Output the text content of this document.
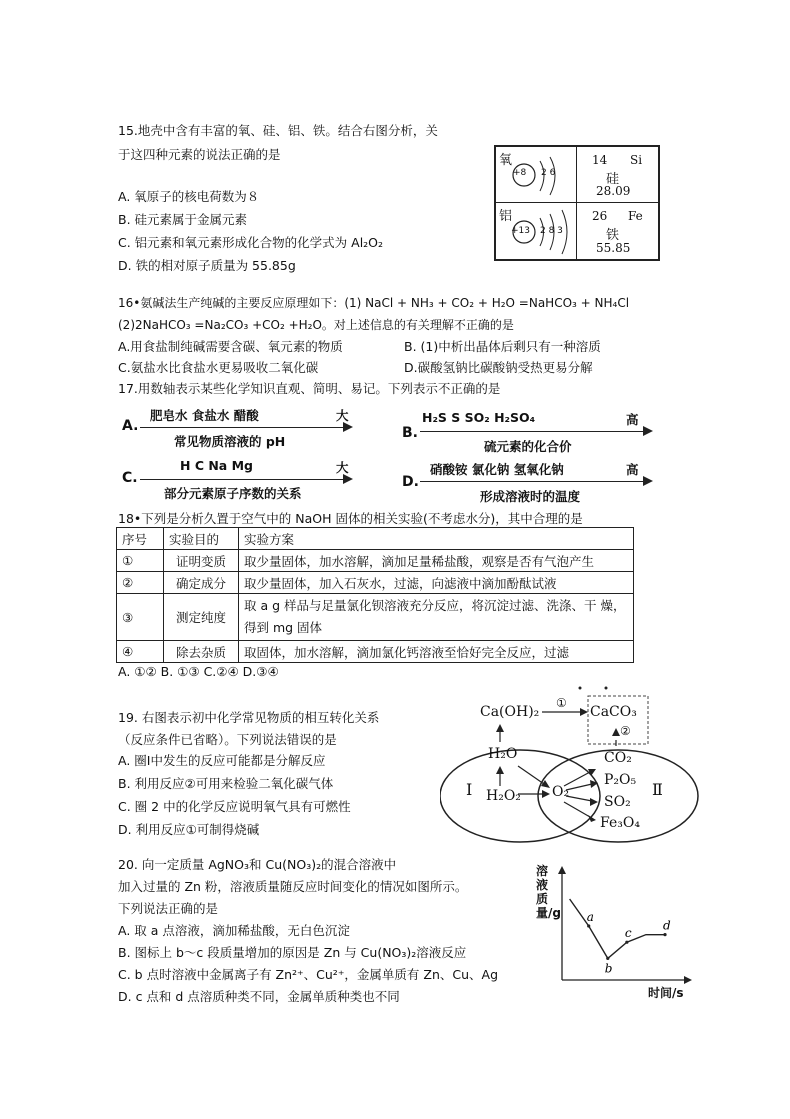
15.地壳中含有丰富的氧、硅、铝、铁。结合右图分析，关
于这四种元素的说法正确的是
A. 氧原子的核电荷数为８
B. 硅元素属于金属元素
C. 铝元素和氧元素形成化合物的化学式为 Al₂O₂
D. 铁的相对原子质量为 55.85g
氧
+8 2 6
14 Si
硅
28.09
铝
+13 2 8 3
26 Fe
铁
55.85
16•氨碱法生产纯碱的主要反应原理如下：(1) NaCl + NH₃ + CO₂ + H₂O =NaHCO₃ + NH₄Cl
(2)2NaHCO₃ =Na₂CO₃ +CO₂ +H₂O。对上述信息的有关理解不正确的是
A.用食盐制纯碱需要含碳、氧元素的物质	B. (1)中析出晶体后剩只有一种溶质
C.氨盐水比食盐水更易吸收二氧化碳	D.碳酸氢钠比碳酸钠受热更易分解
17.用数轴表示某些化学知识直观、简明、易记。下列表示不正确的是
A.
肥皂水 食盐水 醋酸	大
常见物质溶液的 pH
B.
H₂S S SO₂ H₂SO₄	高
硫元素的化合价
C.
H C Na Mg	大
部分元素原子序数的关系
D.
硝酸铵 氯化钠 氢氧化钠	高
形成溶液时的温度
18•下列是分析久置于空气中的 NaOH 固体的相关实验(不考虑水分)，其中合理的是
序号	实验目的	实验方案
①	证明变质	取少量固体，加水溶解，滴加足量稀盐酸，观察是否有气泡产生
②	确定成分	取少量固体，加入石灰水，过滤，向滤液中滴加酚酞试液
③	测定纯度	取 a g 样品与足量氯化钡溶液充分反应，将沉淀过滤、洗涤、干 燥，
得到 mg 固体
④	除去杂质	取固体，加水溶解，滴加氯化钙溶液至恰好完全反应，过滤
A. ①② B. ①③ C.②④ D.③④
19. 右图表示初中化学常见物质的相互转化关系
（反应条件已省略）。下列说法错误的是
A. 圈Ⅰ中发生的反应可能都是分解反应
B. 利用反应②可用来检验二氧化碳气体
C. 圈 2 中的化学反应说明氧气具有可燃性
D. 利用反应①可制得烧碱
Ca(OH)₂
①
CaCO₃
②
H₂O
H₂O₂ O₂
CO₂
P₂O₅
SO₂
Fe₃O₄
Ⅰ	Ⅱ
20. 向一定质量 AgNO₃和 Cu(NO₃)₂的混合溶液中
加入过量的 Zn 粉，溶液质量随反应时间变化的情况如图所示。
下列说法正确的是
A. 取 a 点溶液，滴加稀盐酸，无白色沉淀
B. 图标上 b～c 段质量增加的原因是 Zn 与 Cu(NO₃)₂溶液反应
C. b 点时溶液中金属离子有 Zn²⁺、Cu²⁺，金属单质有 Zn、Cu、Ag
D. c 点和 d 点溶质种类不同，金属单质种类也不同
溶液质量/g
时间/s
a
b
c
d
